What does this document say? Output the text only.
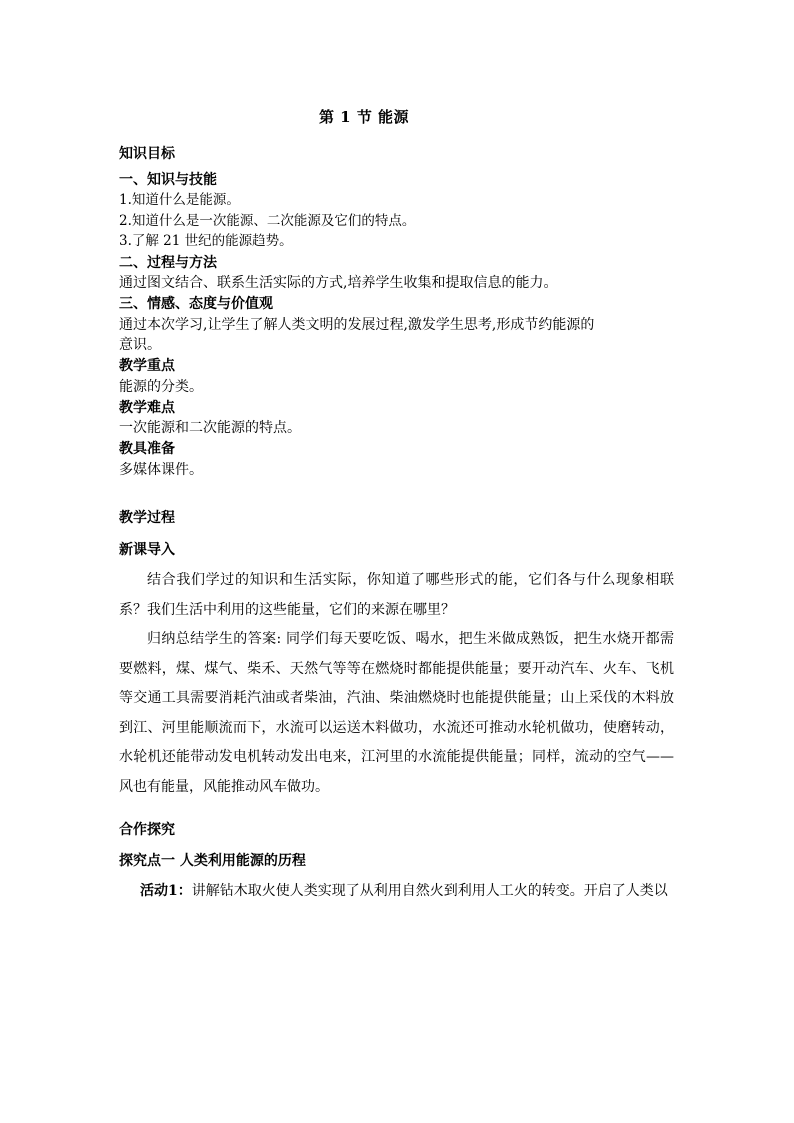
第 1 节 能源
知识目标
一、知识与技能
1.知道什么是能源。
2.知道什么是一次能源、二次能源及它们的特点。
3.了解 21 世纪的能源趋势。
二、过程与方法
通过图文结合、联系生活实际的方式,培养学生收集和提取信息的能力。
三、情感、态度与价值观
通过本次学习,让学生了解人类文明的发展过程,激发学生思考,形成节约能源的
意识。
教学重点
能源的分类。
教学难点
一次能源和二次能源的特点。
教具准备
多媒体课件。
教学过程
新课导入
结合我们学过的知识和生活实际，你知道了哪些形式的能，它们各与什么现象相联系？我们生活中利用的这些能量，它们的来源在哪里？
归纳总结学生的答案: 同学们每天要吃饭、喝水，把生米做成熟饭，把生水烧开都需要燃料，煤、煤气、柴禾、天然气等等在燃烧时都能提供能量；要开动汽车、火车、飞机等交通工具需要消耗汽油或者柴油，汽油、柴油燃烧时也能提供能量；山上采伐的木料放到江、河里能顺流而下，水流可以运送木料做功，水流还可推动水轮机做功，使磨转动，水轮机还能带动发电机转动发出电来，江河里的水流能提供能量；同样，流动的空气——风也有能量，风能推动风车做功。
合作探究
探究点一 人类利用能源的历程
活动1：讲解钻木取火使人类实现了从利用自然火到利用人工火的转变。开启了人类以
